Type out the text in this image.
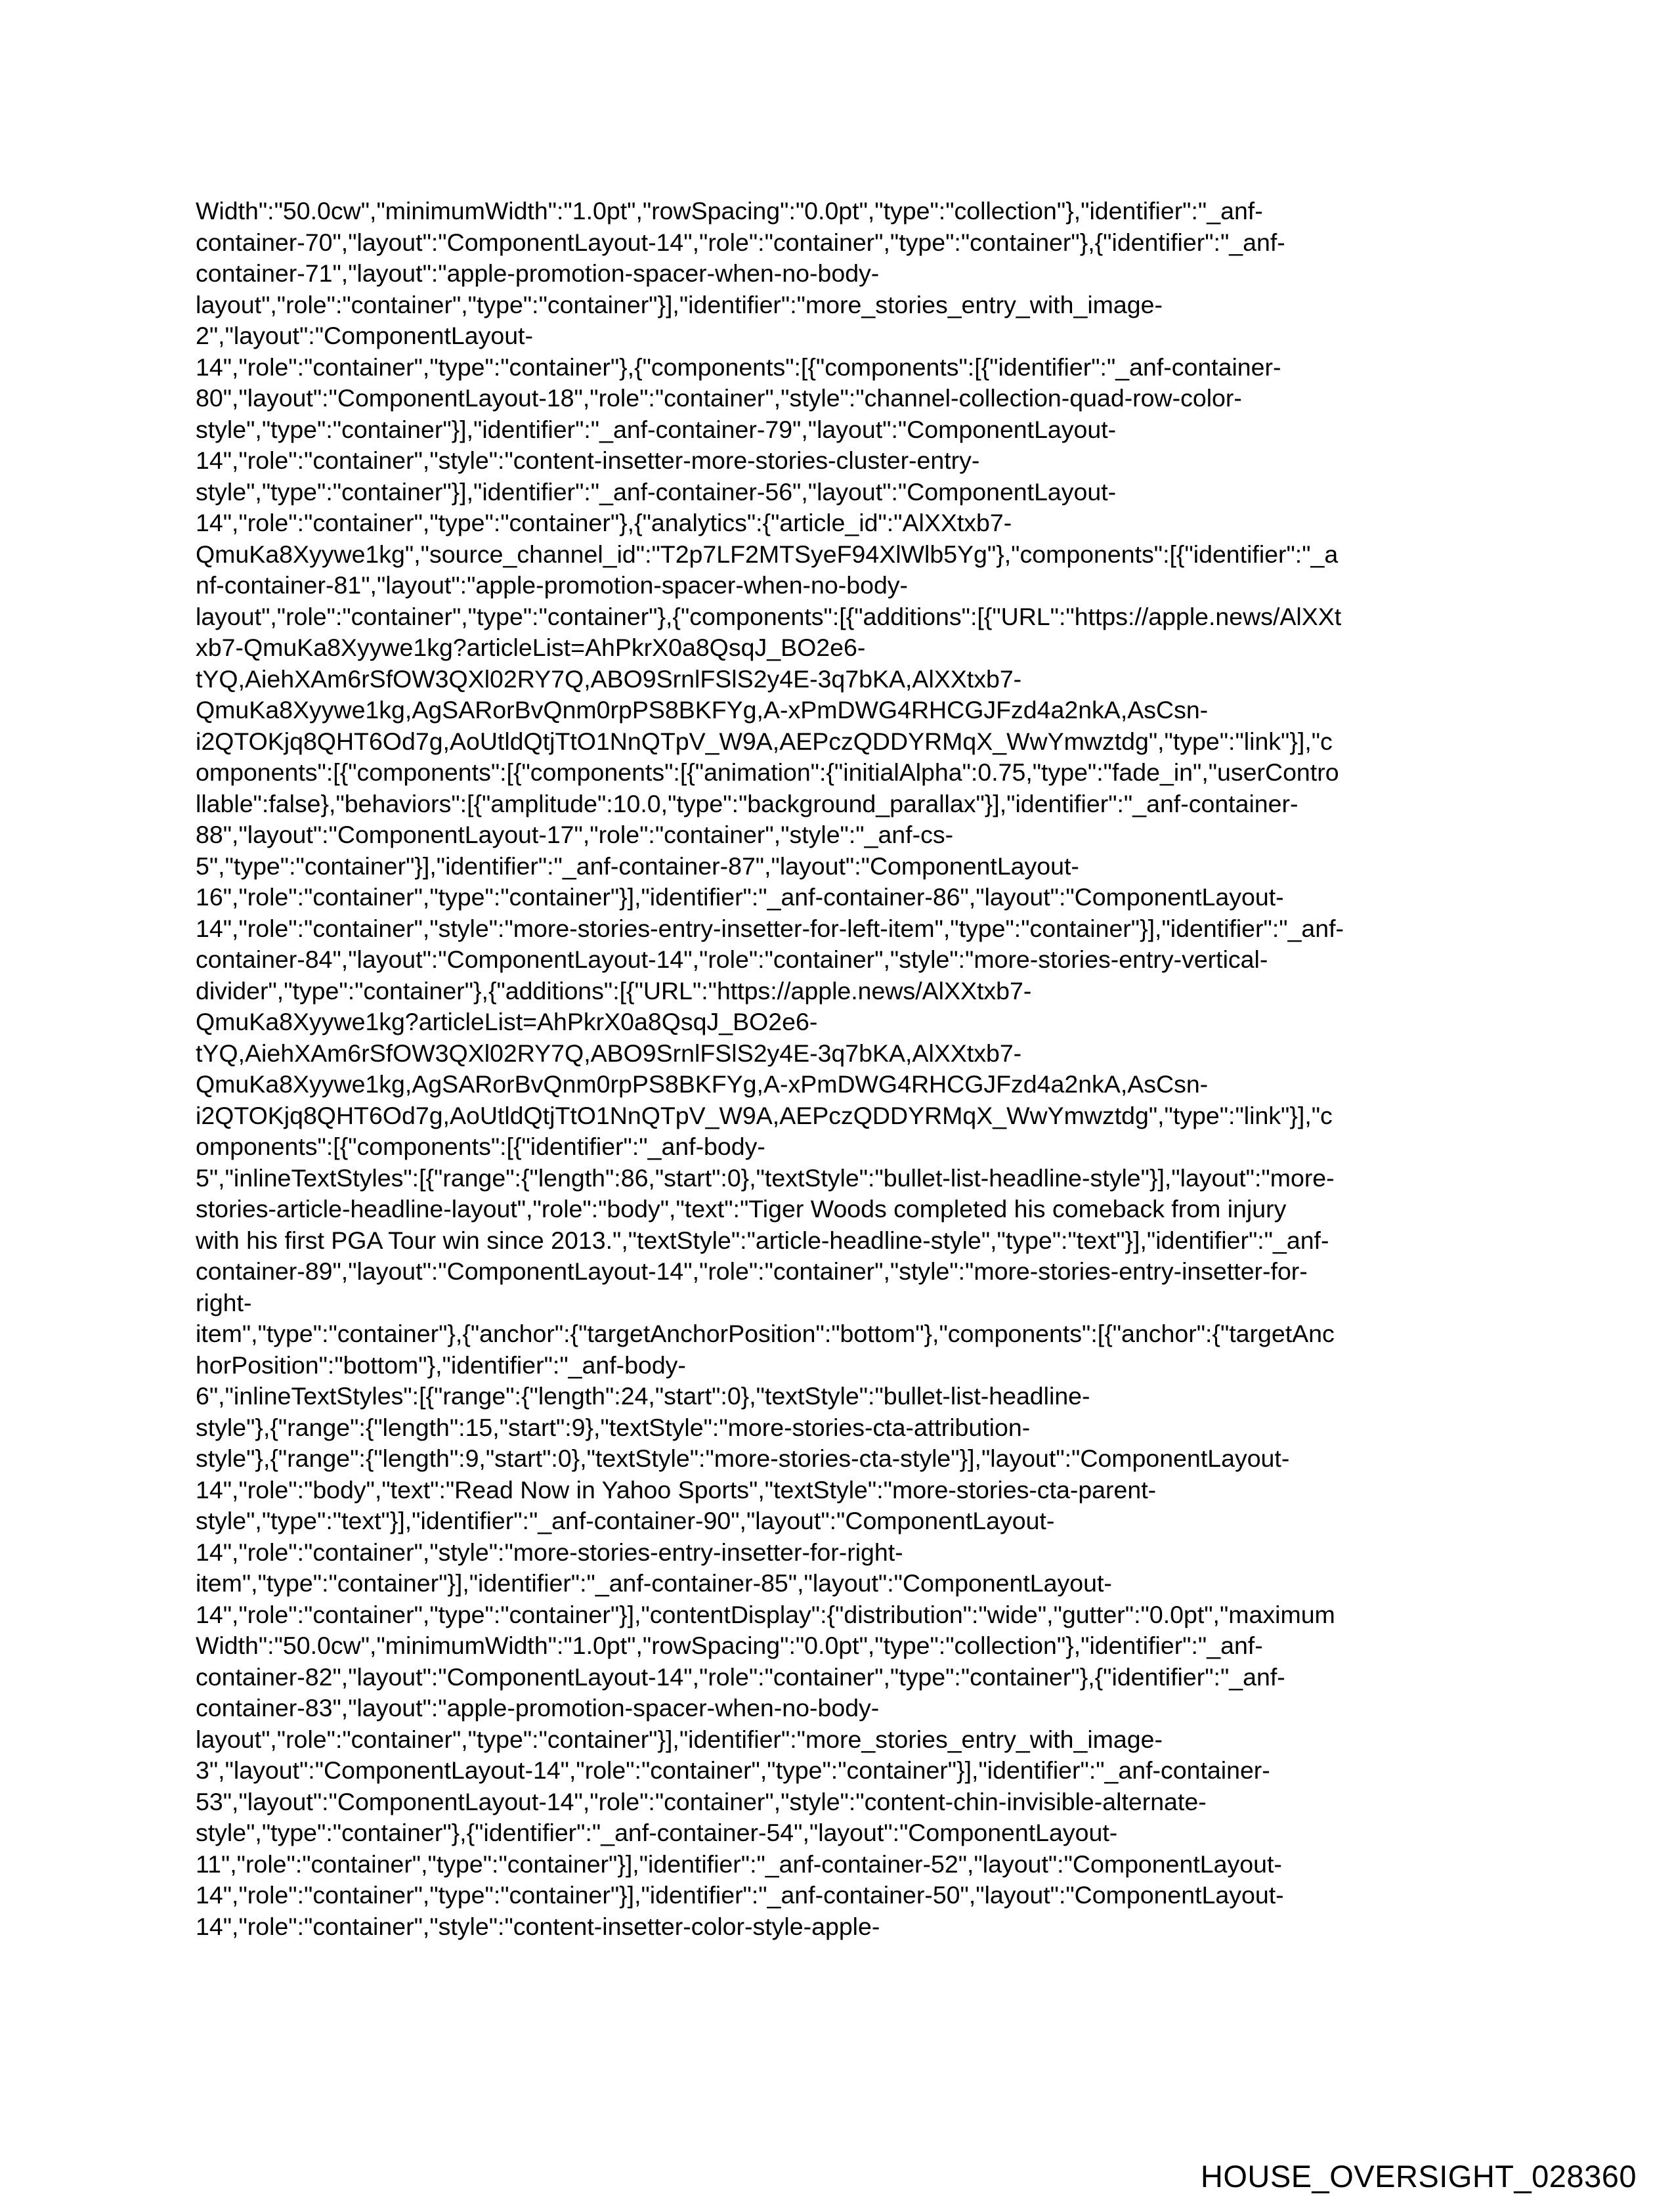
Width":"50.0cw","minimumWidth":"1.0pt","rowSpacing":"0.0pt","type":"collection"},"identifier":"_anf-
container-70","layout":"ComponentLayout-14","role":"container","type":"container"},{"identifier":"_anf-
container-71","layout":"apple-promotion-spacer-when-no-body-
layout","role":"container","type":"container"}],"identifier":"more_stories_entry_with_image-
2","layout":"ComponentLayout-
14","role":"container","type":"container"},{"components":[{"components":[{"identifier":"_anf-container-
80","layout":"ComponentLayout-18","role":"container","style":"channel-collection-quad-row-color-
style","type":"container"}],"identifier":"_anf-container-79","layout":"ComponentLayout-
14","role":"container","style":"content-insetter-more-stories-cluster-entry-
style","type":"container"}],"identifier":"_anf-container-56","layout":"ComponentLayout-
14","role":"container","type":"container"},{"analytics":{"article_id":"AlXXtxb7-
QmuKa8Xyywe1kg","source_channel_id":"T2p7LF2MTSyeF94XlWlb5Yg"},"components":[{"identifier":"_a
nf-container-81","layout":"apple-promotion-spacer-when-no-body-
layout","role":"container","type":"container"},{"components":[{"additions":[{"URL":"https://apple.news/AlXXt
xb7-QmuKa8Xyywe1kg?articleList=AhPkrX0a8QsqJ_BO2e6-
tYQ,AiehXAm6rSfOW3QXl02RY7Q,ABO9SrnlFSlS2y4E-3q7bKA,AlXXtxb7-
QmuKa8Xyywe1kg,AgSARorBvQnm0rpPS8BKFYg,A-xPmDWG4RHCGJFzd4a2nkA,AsCsn-
i2QTOKjq8QHT6Od7g,AoUtldQtjTtO1NnQTpV_W9A,AEPczQDDYRMqX_WwYmwztdg","type":"link"}],"c
omponents":[{"components":[{"components":[{"animation":{"initialAlpha":0.75,"type":"fade_in","userContro
llable":false},"behaviors":[{"amplitude":10.0,"type":"background_parallax"}],"identifier":"_anf-container-
88","layout":"ComponentLayout-17","role":"container","style":"_anf-cs-
5","type":"container"}],"identifier":"_anf-container-87","layout":"ComponentLayout-
16","role":"container","type":"container"}],"identifier":"_anf-container-86","layout":"ComponentLayout-
14","role":"container","style":"more-stories-entry-insetter-for-left-item","type":"container"}],"identifier":"_anf-
container-84","layout":"ComponentLayout-14","role":"container","style":"more-stories-entry-vertical-
divider","type":"container"},{"additions":[{"URL":"https://apple.news/AlXXtxb7-
QmuKa8Xyywe1kg?articleList=AhPkrX0a8QsqJ_BO2e6-
tYQ,AiehXAm6rSfOW3QXl02RY7Q,ABO9SrnlFSlS2y4E-3q7bKA,AlXXtxb7-
QmuKa8Xyywe1kg,AgSARorBvQnm0rpPS8BKFYg,A-xPmDWG4RHCGJFzd4a2nkA,AsCsn-
i2QTOKjq8QHT6Od7g,AoUtldQtjTtO1NnQTpV_W9A,AEPczQDDYRMqX_WwYmwztdg","type":"link"}],"c
omponents":[{"components":[{"identifier":"_anf-body-
5","inlineTextStyles":[{"range":{"length":86,"start":0},"textStyle":"bullet-list-headline-style"}],"layout":"more-
stories-article-headline-layout","role":"body","text":"Tiger Woods completed his comeback from injury
with his first PGA Tour win since 2013.","textStyle":"article-headline-style","type":"text"}],"identifier":"_anf-
container-89","layout":"ComponentLayout-14","role":"container","style":"more-stories-entry-insetter-for-
right-
item","type":"container"},{"anchor":{"targetAnchorPosition":"bottom"},"components":[{"anchor":{"targetAnc
horPosition":"bottom"},"identifier":"_anf-body-
6","inlineTextStyles":[{"range":{"length":24,"start":0},"textStyle":"bullet-list-headline-
style"},{"range":{"length":15,"start":9},"textStyle":"more-stories-cta-attribution-
style"},{"range":{"length":9,"start":0},"textStyle":"more-stories-cta-style"}],"layout":"ComponentLayout-
14","role":"body","text":"Read Now in Yahoo Sports","textStyle":"more-stories-cta-parent-
style","type":"text"}],"identifier":"_anf-container-90","layout":"ComponentLayout-
14","role":"container","style":"more-stories-entry-insetter-for-right-
item","type":"container"}],"identifier":"_anf-container-85","layout":"ComponentLayout-
14","role":"container","type":"container"}],"contentDisplay":{"distribution":"wide","gutter":"0.0pt","maximum
Width":"50.0cw","minimumWidth":"1.0pt","rowSpacing":"0.0pt","type":"collection"},"identifier":"_anf-
container-82","layout":"ComponentLayout-14","role":"container","type":"container"},{"identifier":"_anf-
container-83","layout":"apple-promotion-spacer-when-no-body-
layout","role":"container","type":"container"}],"identifier":"more_stories_entry_with_image-
3","layout":"ComponentLayout-14","role":"container","type":"container"}],"identifier":"_anf-container-
53","layout":"ComponentLayout-14","role":"container","style":"content-chin-invisible-alternate-
style","type":"container"},{"identifier":"_anf-container-54","layout":"ComponentLayout-
11","role":"container","type":"container"}],"identifier":"_anf-container-52","layout":"ComponentLayout-
14","role":"container","type":"container"}],"identifier":"_anf-container-50","layout":"ComponentLayout-
14","role":"container","style":"content-insetter-color-style-apple-

HOUSE_OVERSIGHT_028360
